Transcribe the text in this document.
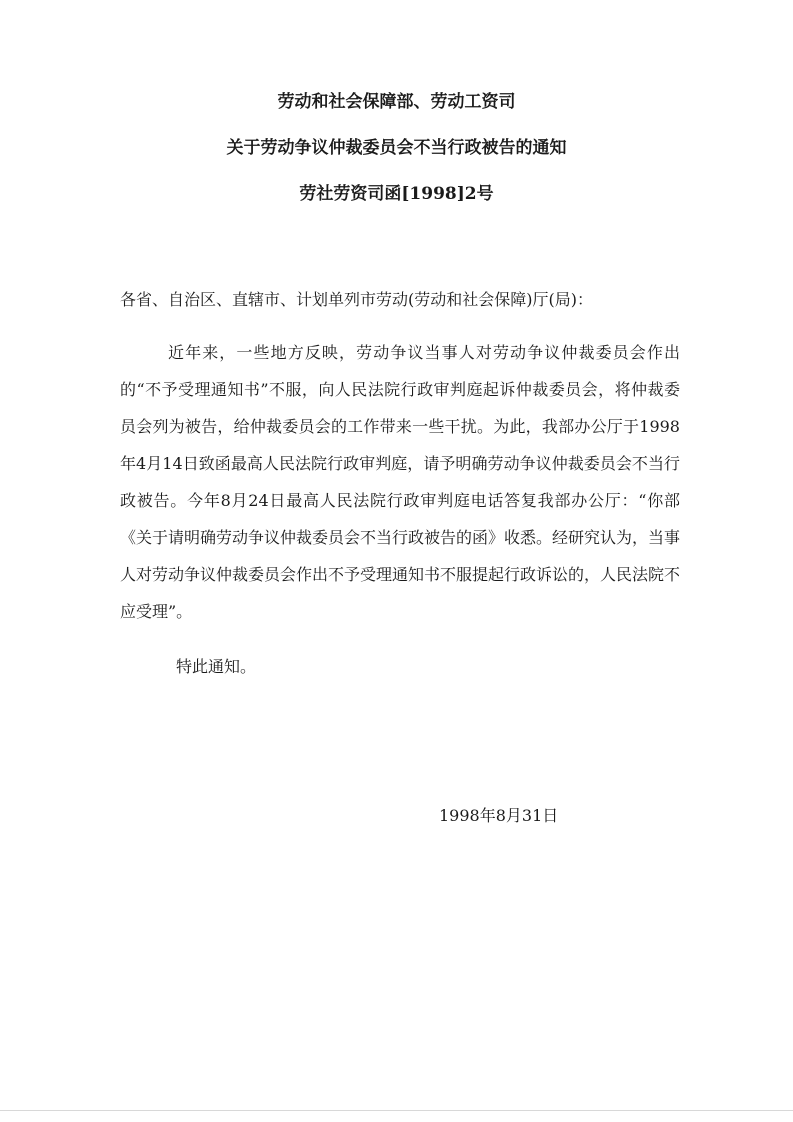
劳动和社会保障部、劳动工资司
关于劳动争议仲裁委员会不当行政被告的通知
劳社劳资司函[1998]2号

各省、自治区、直辖市、计划单列市劳动(劳动和社会保障)厅(局)：

近年来，一些地方反映，劳动争议当事人对劳动争议仲裁委员会作出的“不予受理通知书”不服，向人民法院行政审判庭起诉仲裁委员会，将仲裁委员会列为被告，给仲裁委员会的工作带来一些干扰。为此，我部办公厅于1998年4月14日致函最高人民法院行政审判庭，请予明确劳动争议仲裁委员会不当行政被告。今年8月24日最高人民法院行政审判庭电话答复我部办公厅：“你部《关于请明确劳动争议仲裁委员会不当行政被告的函》收悉。经研究认为，当事人对劳动争议仲裁委员会作出不予受理通知书不服提起行政诉讼的，人民法院不应受理”。

特此通知。

1998年8月31日
